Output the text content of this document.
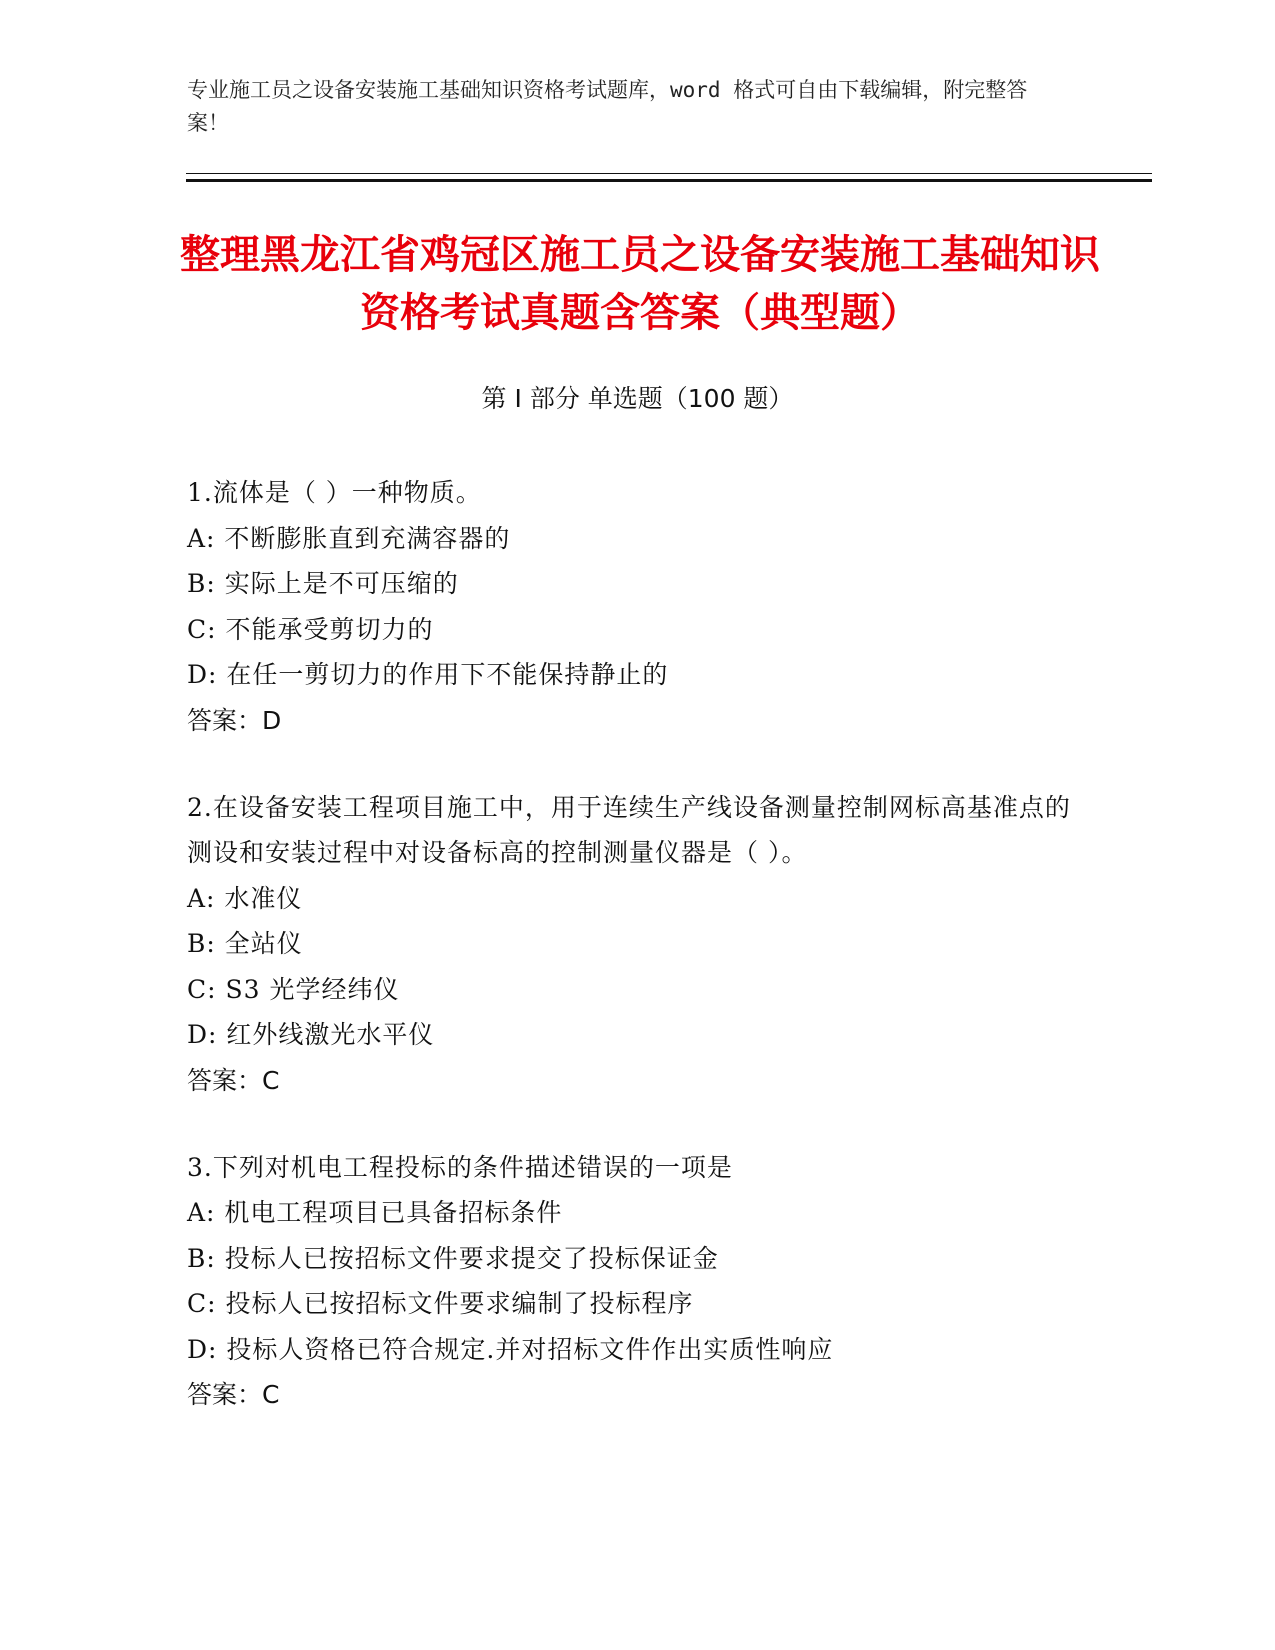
专业施工员之设备安装施工基础知识资格考试题库，word 格式可自由下载编辑，附完整答案！
整理黑龙江省鸡冠区施工员之设备安装施工基础知识资格考试真题含答案（典型题）
第 I 部分 单选题（100 题）
1.流体是（ ）一种物质。
A: 不断膨胀直到充满容器的
B: 实际上是不可压缩的
C: 不能承受剪切力的
D: 在任一剪切力的作用下不能保持静止的
答案：D
2.在设备安装工程项目施工中，用于连续生产线设备测量控制网标高基准点的测设和安装过程中对设备标高的控制测量仪器是（ ）。
A: 水准仪
B: 全站仪
C: S3 光学经纬仪
D: 红外线激光水平仪
答案：C
3.下列对机电工程投标的条件描述错误的一项是
A: 机电工程项目已具备招标条件
B: 投标人已按招标文件要求提交了投标保证金
C: 投标人已按招标文件要求编制了投标程序
D: 投标人资格已符合规定.并对招标文件作出实质性响应
答案：C
